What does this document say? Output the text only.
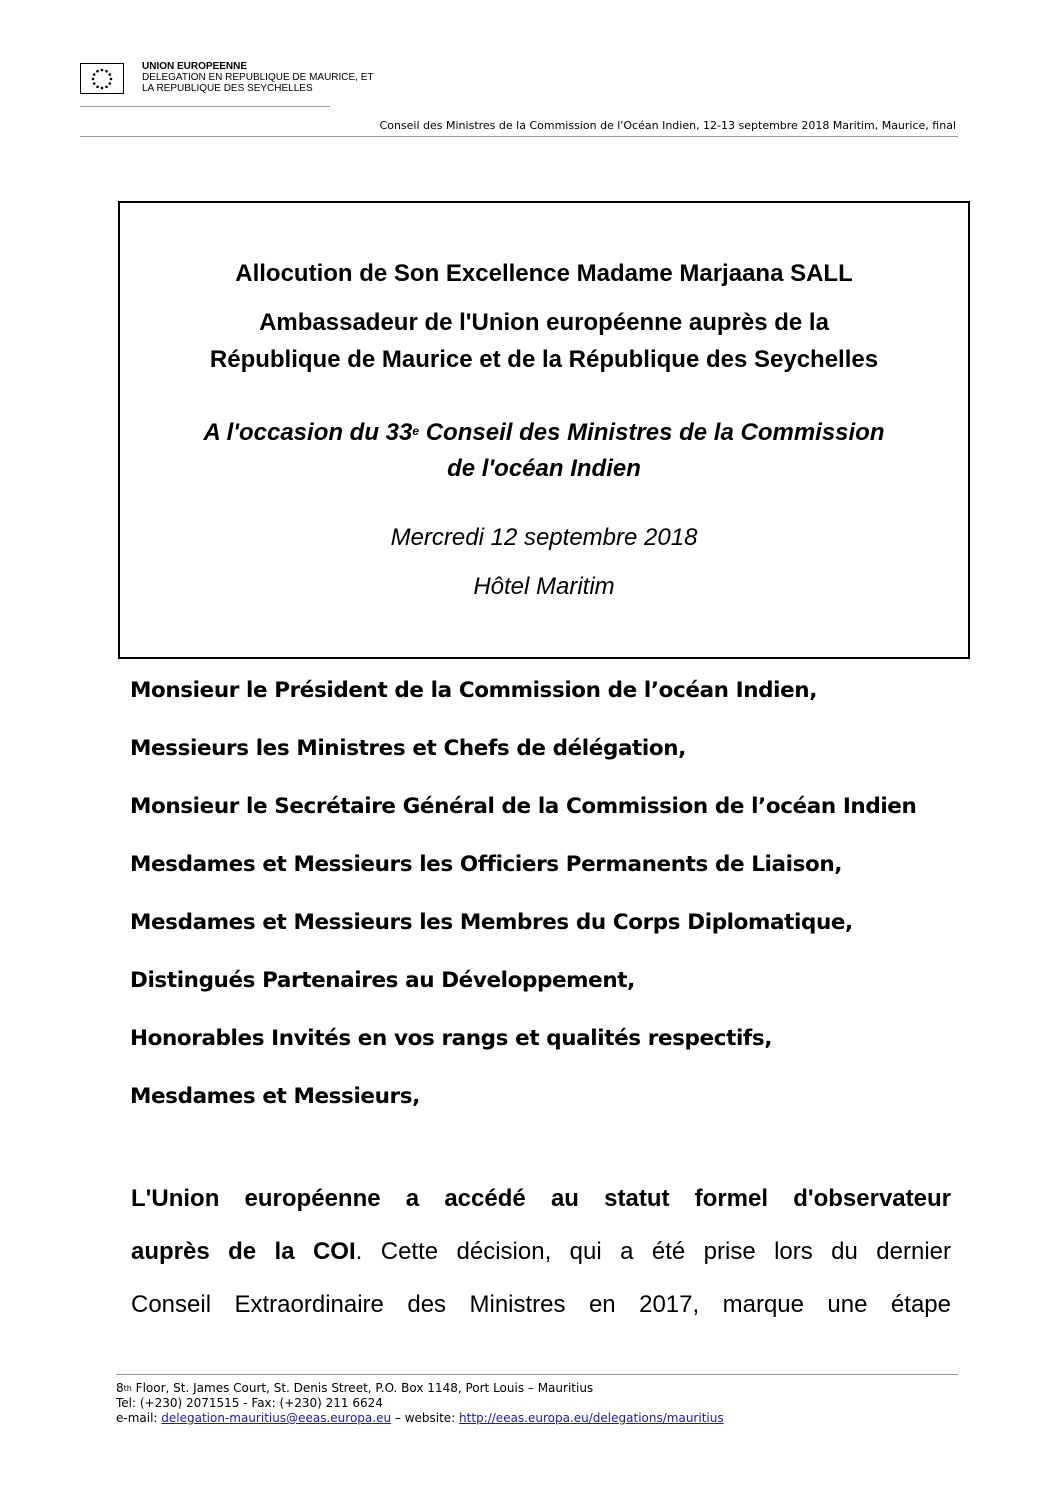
UNION EUROPEENNE
DELEGATION EN REPUBLIQUE DE MAURICE, ET
LA REPUBLIQUE DES SEYCHELLES
Conseil des Ministres de la Commission de l'Océan Indien, 12-13 septembre 2018 Maritim, Maurice, final
Allocution de Son Excellence Madame Marjaana SALL
Ambassadeur de l'Union européenne auprès de la
République de Maurice et de la République des Seychelles
A l'occasion du 33e Conseil des Ministres de la Commission
de l'océan Indien
Mercredi 12 septembre 2018
Hôtel Maritim
Monsieur le Président de la Commission de l’océan Indien,
Messieurs les Ministres et Chefs de délégation,
Monsieur le Secrétaire Général de la Commission de l’océan Indien
Mesdames et Messieurs les Officiers Permanents de Liaison,
Mesdames et Messieurs les Membres du Corps Diplomatique,
Distingués Partenaires au Développement,
Honorables Invités en vos rangs et qualités respectifs,
Mesdames et Messieurs,
L'Union européenne a accédé au statut formel d'observateur
auprès de la COI. Cette décision, qui a été prise lors du dernier
Conseil Extraordinaire des Ministres en 2017, marque une étape
8th Floor, St. James Court, St. Denis Street, P.O. Box 1148, Port Louis – Mauritius
Tel: (+230) 2071515 - Fax: (+230) 211 6624
e-mail: delegation-mauritius@eeas.europa.eu – website: http://eeas.europa.eu/delegations/mauritius
